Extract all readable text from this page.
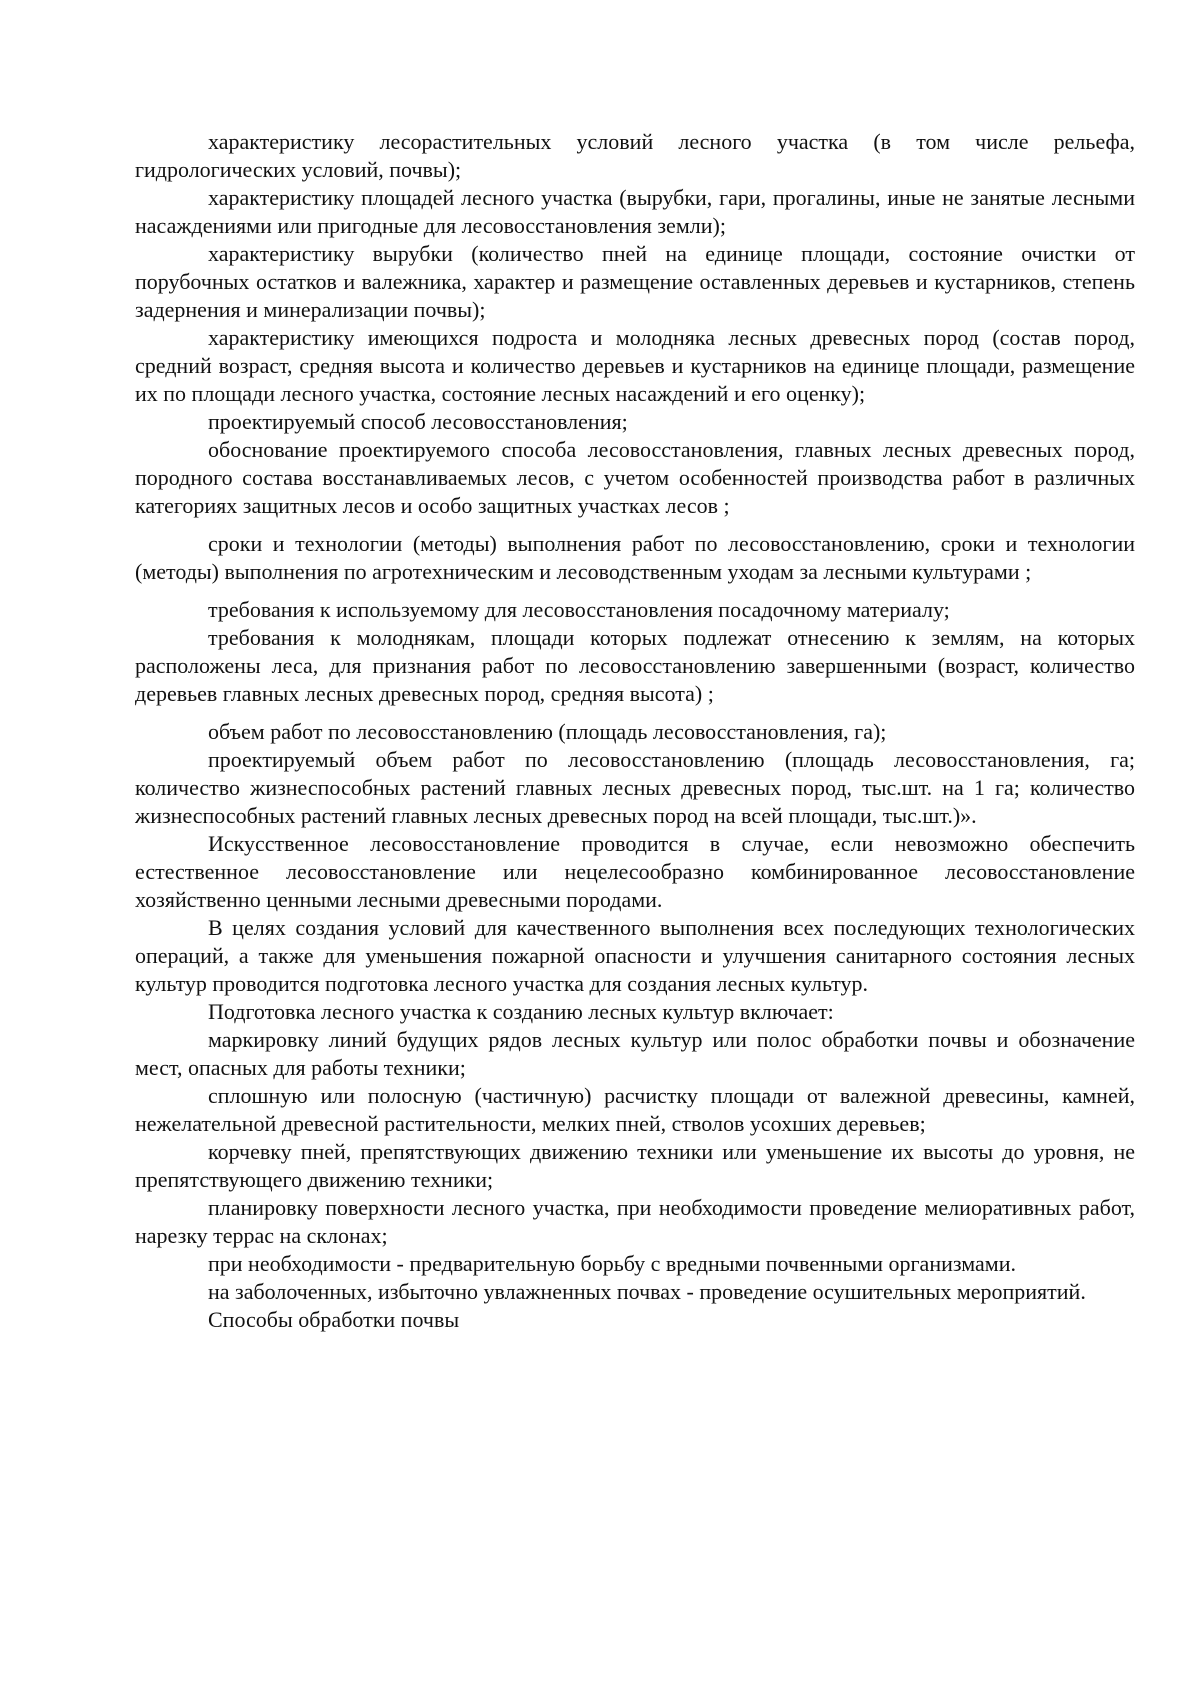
характеристику лесорастительных условий лесного участка (в том числе рельефа, гидрологических условий, почвы);

характеристику площадей лесного участка (вырубки, гари, прогалины, иные не занятые лесными насаждениями или пригодные для лесовосстановления земли);

характеристику вырубки (количество пней на единице площади, состояние очистки от порубочных остатков и валежника, характер и размещение оставленных деревьев и кустарников, степень задернения и минерализации почвы);

характеристику имеющихся подроста и молодняка лесных древесных пород (состав пород, средний возраст, средняя высота и количество деревьев и кустарников на единице площади, размещение их по площади лесного участка, состояние лесных насаждений и его оценку);

проектируемый способ лесовосстановления;

обоснование проектируемого способа лесовосстановления, главных лесных древесных пород, породного состава восстанавливаемых лесов, с учетом особенностей производства работ в различных категориях защитных лесов и особо защитных участках лесов ;

сроки и технологии (методы) выполнения работ по лесовосстановлению, сроки и технологии (методы) выполнения по агротехническим и лесоводственным уходам за лесными культурами ;

требования к используемому для лесовосстановления посадочному материалу;

требования к молоднякам, площади которых подлежат отнесению к землям, на которых расположены леса, для признания работ по лесовосстановлению завершенными (возраст, количество деревьев главных лесных древесных пород, средняя высота) ;

объем работ по лесовосстановлению (площадь лесовосстановления, га);

проектируемый объем работ по лесовосстановлению (площадь лесовосстановления, га; количество жизнеспособных растений главных лесных древесных пород, тыс.шт. на 1 га; количество жизнеспособных растений главных лесных древесных пород на всей площади, тыс.шт.)».

Искусственное лесовосстановление проводится в случае, если невозможно обеспечить естественное лесовосстановление или нецелесообразно комбинированное лесовосстановление хозяйственно ценными лесными древесными породами.

В целях создания условий для качественного выполнения всех последующих технологических операций, а также для уменьшения пожарной опасности и улучшения санитарного состояния лесных культур проводится подготовка лесного участка для создания лесных культур.

Подготовка лесного участка к созданию лесных культур включает:

маркировку линий будущих рядов лесных культур или полос обработки почвы и обозначение мест, опасных для работы техники;

сплошную или полосную (частичную) расчистку площади от валежной древесины, камней, нежелательной древесной растительности, мелких пней, стволов усохших деревьев;

корчевку пней, препятствующих движению техники или уменьшение их высоты до уровня, не препятствующего движению техники;

планировку поверхности лесного участка, при необходимости проведение мелиоративных работ, нарезку террас на склонах;

при необходимости - предварительную борьбу с вредными почвенными организмами.

на заболоченных, избыточно увлажненных почвах - проведение осушительных мероприятий.

Способы обработки почвы
